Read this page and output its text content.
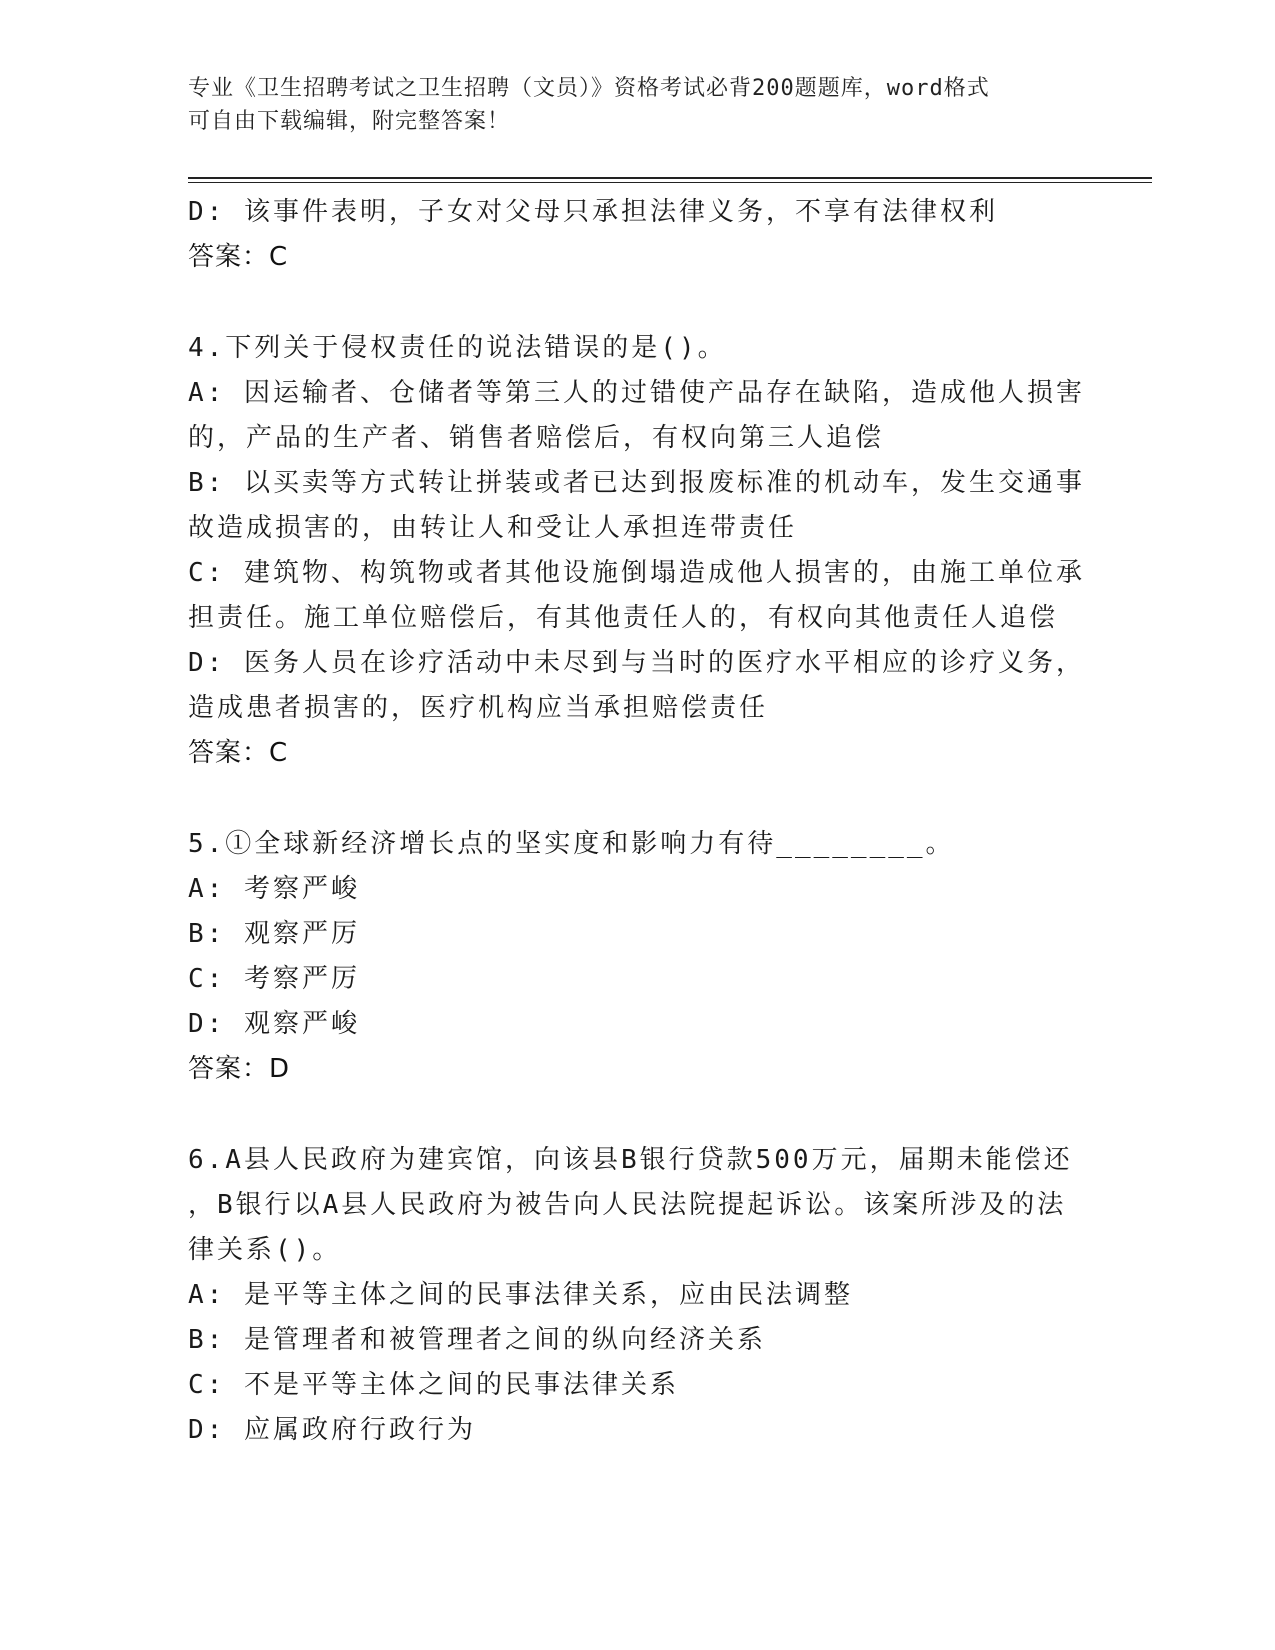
专业《卫生招聘考试之卫生招聘（文员）》资格考试必背200题题库，word格式
可自由下载编辑，附完整答案！
D: 该事件表明，子女对父母只承担法律义务，不享有法律权利
答案：C
4.下列关于侵权责任的说法错误的是()。
A: 因运输者、仓储者等第三人的过错使产品存在缺陷，造成他人损害
的，产品的生产者、销售者赔偿后，有权向第三人追偿
B: 以买卖等方式转让拼装或者已达到报废标准的机动车，发生交通事
故造成损害的，由转让人和受让人承担连带责任
C: 建筑物、构筑物或者其他设施倒塌造成他人损害的，由施工单位承
担责任。施工单位赔偿后，有其他责任人的，有权向其他责任人追偿
D: 医务人员在诊疗活动中未尽到与当时的医疗水平相应的诊疗义务，
造成患者损害的，医疗机构应当承担赔偿责任
答案：C
5.①全球新经济增长点的坚实度和影响力有待________。
A: 考察严峻
B: 观察严厉
C: 考察严厉
D: 观察严峻
答案：D
6.A县人民政府为建宾馆，向该县B银行贷款500万元，届期未能偿还
，B银行以A县人民政府为被告向人民法院提起诉讼。该案所涉及的法
律关系()。
A: 是平等主体之间的民事法律关系，应由民法调整
B: 是管理者和被管理者之间的纵向经济关系
C: 不是平等主体之间的民事法律关系
D: 应属政府行政行为
